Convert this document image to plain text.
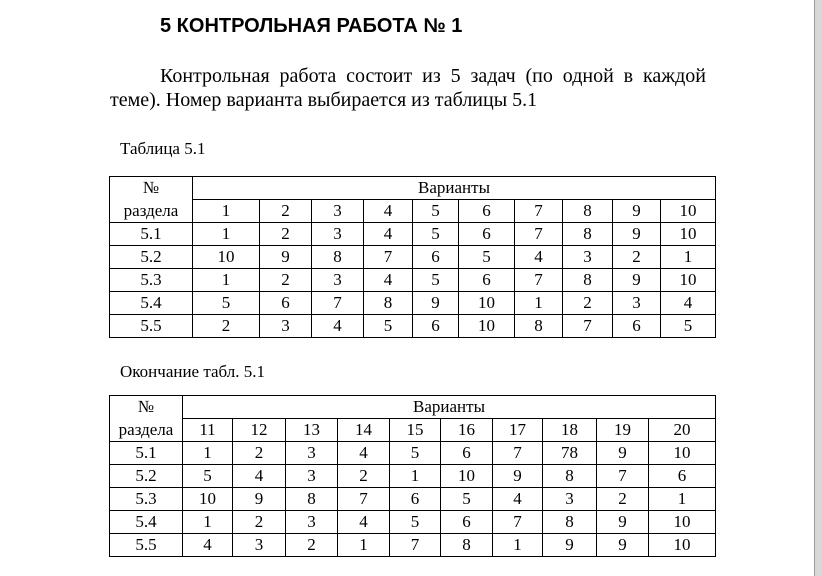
5 КОНТРОЛЬНАЯ РАБОТА № 1

Контрольная работа состоит из 5 задач (по одной в каждой теме). Номер варианта выбирается из таблицы 5.1

Таблица 5.1
№	Варианты									
раздела	1	2	3	4	5	6	7	8	9	10
5.1	1	2	3	4	5	6	7	8	9	10
5.2	10	9	8	7	6	5	4	3	2	1
5.3	1	2	3	4	5	6	7	8	9	10
5.4	5	6	7	8	9	10	1	2	3	4
5.5	2	3	4	5	6	10	8	7	6	5
Окончание табл. 5.1
№	Варианты									
раздела	11	12	13	14	15	16	17	18	19	20
5.1	1	2	3	4	5	6	7	78	9	10
5.2	5	4	3	2	1	10	9	8	7	6
5.3	10	9	8	7	6	5	4	3	2	1
5.4	1	2	3	4	5	6	7	8	9	10
5.5	4	3	2	1	7	8	1	9	9	10
